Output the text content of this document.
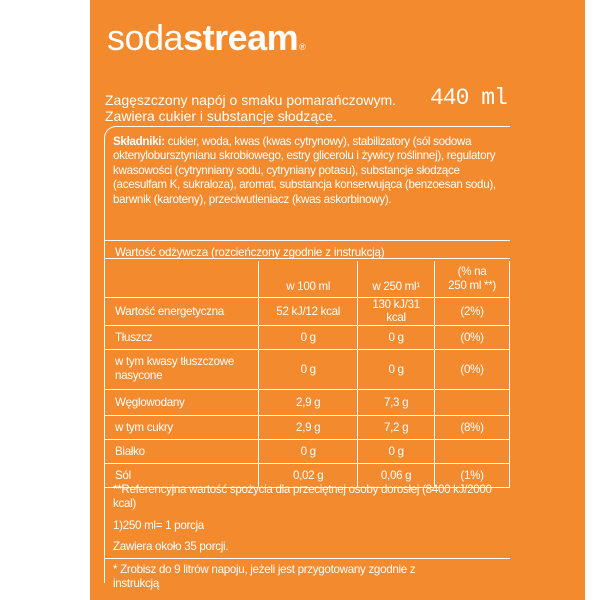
sodastream®
Zagęszczony napój o smaku pomarańczowym.
Zawiera cukier i substancje słodzące.
440 ml
Składniki: cukier, woda, kwas (kwas cytrynowy), stabilizatory (sól sodowa oktenylobursztynianu skrobiowego, estry glicerolu i żywicy roślinnej), regulatory kwasowości (cytrynniany sodu, cytryniany potasu), substancje słodzące (acesulfam K, sukraloza), aromat, substancja konserwująca (benzoesan sodu), barwnik (karoteny), przeciwutleniacz (kwas askorbinowy).
Wartość odżywcza (rozcieńczony zgodnie z instrukcją)
	w 100 ml	w 250 ml¹	(% na
250 ml **)

Wartość energetyczna	52 kJ/12 kcal	130 kJ/31 kcal	(2%)
Tłuszcz	0 g	0 g	(0%)
w tym kwasy tłuszczowe nasycone	0 g	0 g	(0%)
Węglowodany	2,9 g	7,3 g	
w tym cukry	2,9 g	7,2 g	(8%)
Białko	0 g	0 g	
Sól	0,02 g	0,06 g	(1%)
**Referencyjna wartość spożycia dla przeciętnej osoby dorosłej (8400 kJ/2000 kcal)
1)250 ml= 1 porcja
Zawiera około 35 porcji.
* Zrobisz do 9 litrów napoju, jeżeli jest przygotowany zgodnie z instrukcją
